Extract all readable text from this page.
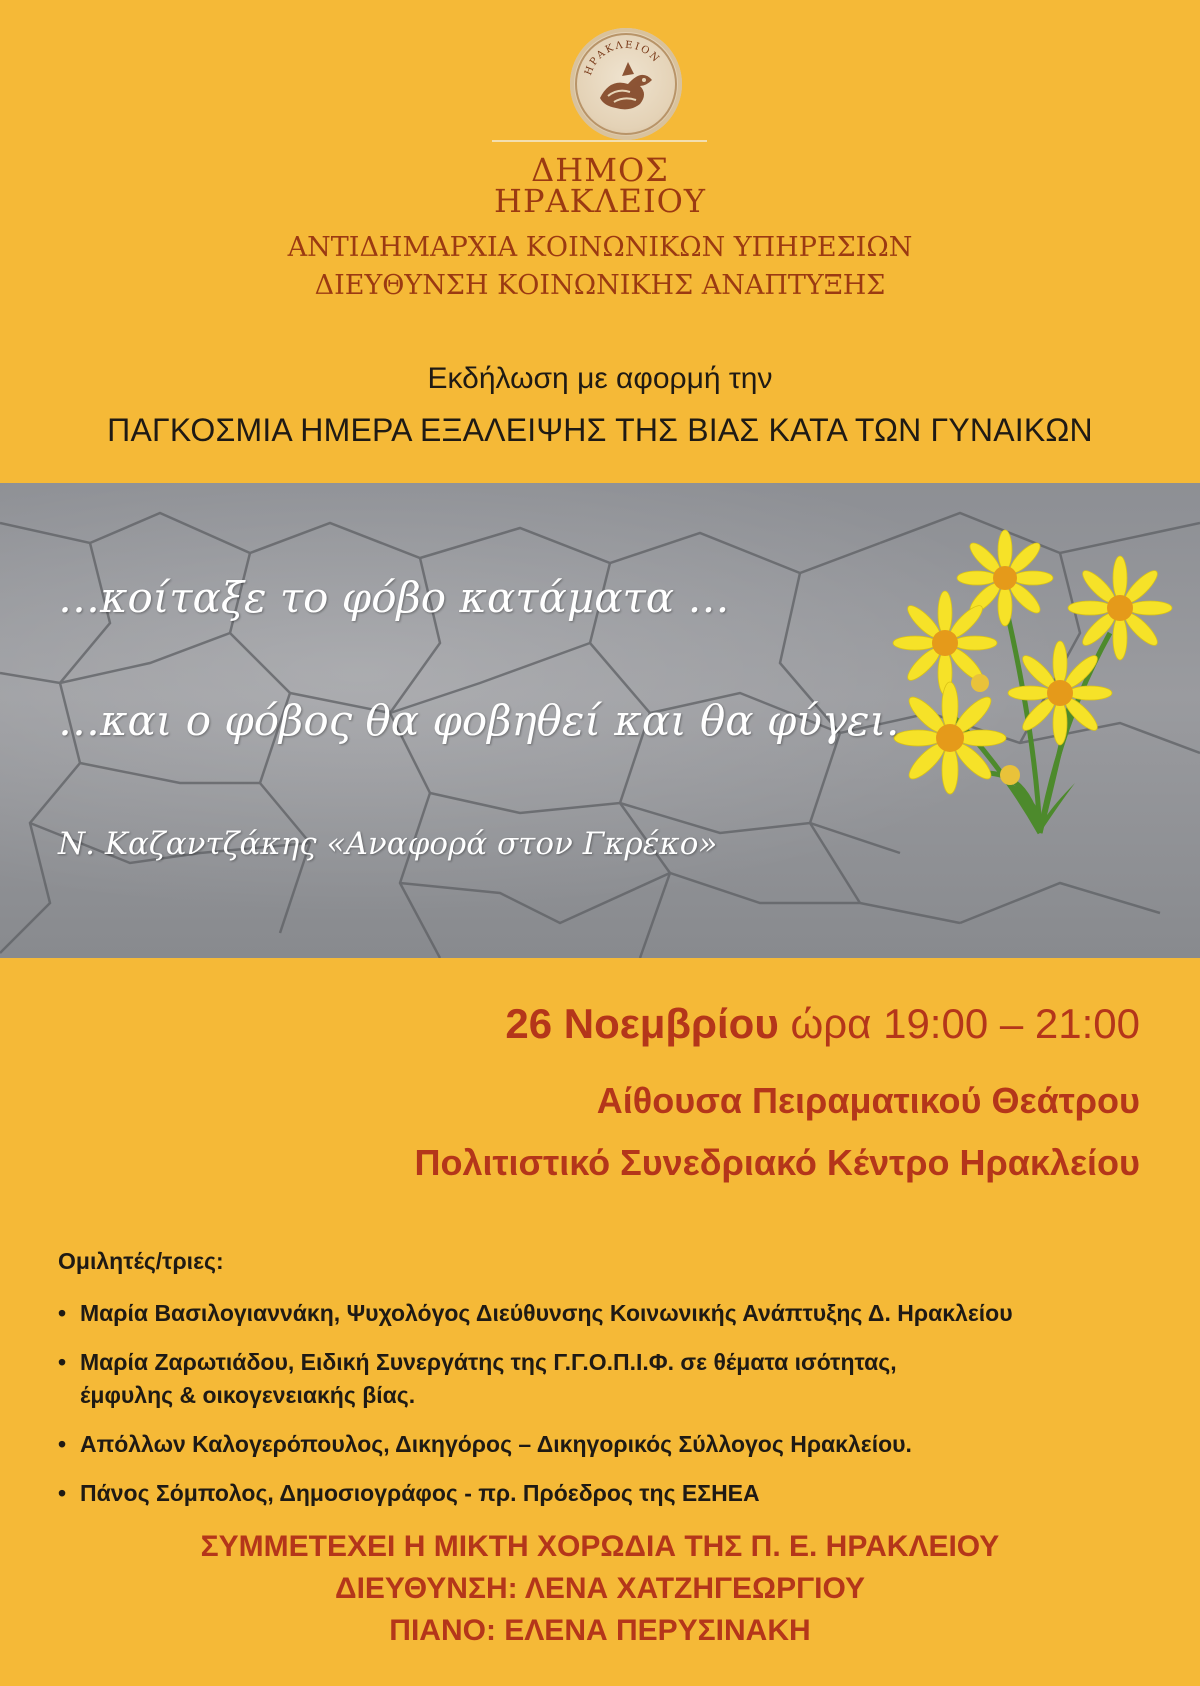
ΗΡΑΚΛΕΙΟΝ
ΔΗΜΟΣ
ΗΡΑΚΛΕΙΟΥ
ΑΝΤΙΔΗΜΑΡΧΙΑ ΚΟΙΝΩΝΙΚΩΝ ΥΠΗΡΕΣΙΩΝ
ΔΙΕΥΘΥΝΣΗ ΚΟΙΝΩΝΙΚΗΣ ΑΝΑΠΤΥΞΗΣ
Εκδήλωση με αφορμή την
ΠΑΓΚΟΣΜΙΑ ΗΜΕΡΑ ΕΞΑΛΕΙΨΗΣ ΤΗΣ ΒΙΑΣ ΚΑΤΑ ΤΩΝ ΓΥΝΑΙΚΩΝ
…κοίταξε το φόβο κατάματα …
…και ο φόβος θα φοβηθεί και θα φύγει.
Ν. Καζαντζάκης «Αναφορά στον Γκρέκο»
26 Νοεμβρίου ώρα 19:00 – 21:00
Αίθουσα Πειραματικού Θεάτρου
Πολιτιστικό Συνεδριακό Κέντρο Ηρακλείου
Ομιλητές/τριες:
• Μαρία Βασιλογιαννάκη, Ψυχολόγος Διεύθυνσης Κοινωνικής Ανάπτυξης Δ. Ηρακλείου
• Μαρία Ζαρωτιάδου, Ειδική Συνεργάτης της Γ.Γ.Ο.Π.Ι.Φ. σε θέματα ισότητας,
έμφυλης & οικογενειακής βίας.
• Απόλλων Καλογερόπουλος, Δικηγόρος – Δικηγορικός Σύλλογος Ηρακλείου.
• Πάνος Σόμπολος, Δημοσιογράφος - πρ. Πρόεδρος της ΕΣΗΕΑ
ΣΥΜΜΕΤΕΧΕΙ Η ΜΙΚΤΗ ΧΟΡΩΔΙΑ ΤΗΣ Π. Ε. ΗΡΑΚΛΕΙΟΥ
ΔΙΕΥΘΥΝΣΗ: ΛΕΝΑ ΧΑΤΖΗΓΕΩΡΓΙΟΥ
ΠΙΑΝΟ: ΕΛΕΝΑ ΠΕΡΥΣΙΝΑΚΗ
